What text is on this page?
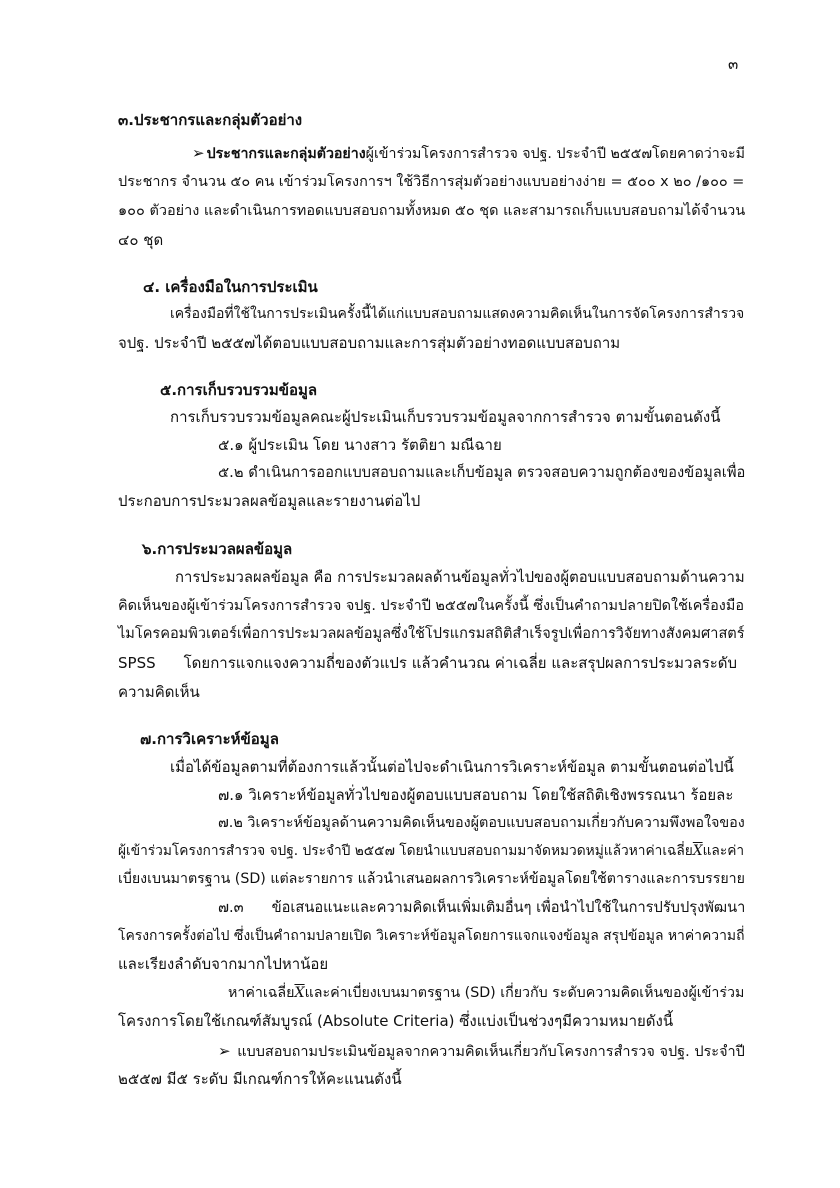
๓
๓.ประชากรและกลุ่มตัวอย่าง
➢ ประชากรและกลุ่มตัวอย่างผู้เข้าร่วมโครงการสำรวจ จปฐ. ประจำปี ๒๕๕๗โดยคาดว่าจะมี
ประชากร จำนวน ๕๐ คน เข้าร่วมโครงการฯ ใช้วิธีการสุ่มตัวอย่างแบบอย่างง่าย = ๕๐๐ x ๒๐ /๑๐๐ =
๑๐๐ ตัวอย่าง และดำเนินการทอดแบบสอบถามทั้งหมด ๕๐ ชุด และสามารถเก็บแบบสอบถามได้จำนวน
๔๐ ชุด
๔. เครื่องมือในการประเมิน
เครื่องมือที่ใช้ในการประเมินครั้งนี้ได้แก่แบบสอบถามแสดงความคิดเห็นในการจัดโครงการสำรวจ
จปฐ. ประจำปี ๒๕๕๗ได้ตอบแบบสอบถามและการสุ่มตัวอย่างทอดแบบสอบถาม
๕.การเก็บรวบรวมข้อมูล
การเก็บรวบรวมข้อมูลคณะผู้ประเมินเก็บรวบรวมข้อมูลจากการสำรวจ ตามขั้นตอนดังนี้
๕.๑ ผู้ประเมิน โดย นางสาว รัตติยา มณีฉาย
๕.๒ ดำเนินการออกแบบสอบถามและเก็บข้อมูล ตรวจสอบความถูกต้องของข้อมูลเพื่อ
ประกอบการประมวลผลข้อมูลและรายงานต่อไป
๖.การประมวลผลข้อมูล
การประมวลผลข้อมูล คือ การประมวลผลด้านข้อมูลทั่วไปของผู้ตอบแบบสอบถามด้านความ
คิดเห็นของผู้เข้าร่วมโครงการสำรวจ จปฐ. ประจำปี ๒๕๕๗ในครั้งนี้ ซึ่งเป็นคำถามปลายปิดใช้เครื่องมือ
ไมโครคอมพิวเตอร์เพื่อการประมวลผลข้อมูลซึ่งใช้โปรแกรมสถิติสำเร็จรูปเพื่อการวิจัยทางสังคมศาสตร์
SPSS โดยการแจกแจงความถี่ของตัวแปร แล้วคำนวณ ค่าเฉลี่ย และสรุปผลการประมวลระดับ
ความคิดเห็น
๗.การวิเคราะห์ข้อมูล
เมื่อได้ข้อมูลตามที่ต้องการแล้วนั้นต่อไปจะดำเนินการวิเคราะห์ข้อมูล ตามขั้นตอนต่อไปนี้
๗.๑ วิเคราะห์ข้อมูลทั่วไปของผู้ตอบแบบสอบถาม โดยใช้สถิติเชิงพรรณนา ร้อยละ
๗.๒ วิเคราะห์ข้อมูลด้านความคิดเห็นของผู้ตอบแบบสอบถามเกี่ยวกับความพึงพอใจของ
ผู้เข้าร่วมโครงการสำรวจ จปฐ. ประจำปี ๒๕๕๗ โดยนำแบบสอบถามมาจัดหมวดหมู่แล้วหาค่าเฉลี่ย$\overline{X}$และค่า
เบี่ยงเบนมาตรฐาน (SD) แต่ละรายการ แล้วนำเสนอผลการวิเคราะห์ข้อมูลโดยใช้ตารางและการบรรยาย
๗.๓ ข้อเสนอแนะและความคิดเห็นเพิ่มเติมอื่นๆ เพื่อนำไปใช้ในการปรับปรุงพัฒนา
โครงการครั้งต่อไป ซึ่งเป็นคำถามปลายเปิด วิเคราะห์ข้อมูลโดยการแจกแจงข้อมูล สรุปข้อมูล หาค่าความถี่
และเรียงลำดับจากมากไปหาน้อย
หาค่าเฉลี่ย$\overline{X}$และค่าเบี่ยงเบนมาตรฐาน (SD) เกี่ยวกับ ระดับความคิดเห็นของผู้เข้าร่วม
โครงการโดยใช้เกณฑ์สัมบูรณ์ (Absolute Criteria) ซึ่งแบ่งเป็นช่วงๆมีความหมายดังนี้
➢ แบบสอบถามประเมินข้อมูลจากความคิดเห็นเกี่ยวกับโครงการสำรวจ จปฐ. ประจำปี
๒๕๕๗ มี๕ ระดับ มีเกณฑ์การให้คะแนนดังนี้
